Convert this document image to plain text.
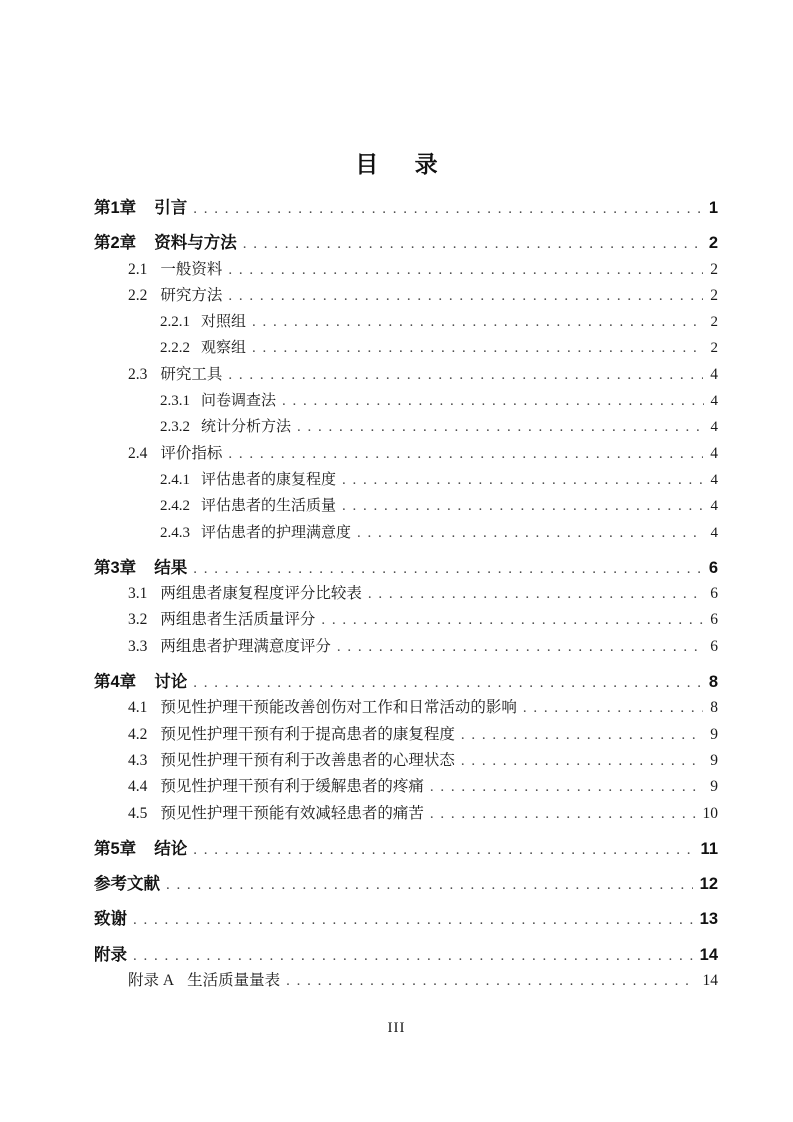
目 录
第1章 引言 . . .	1
第2章 资料与方法 . . .	2
2.1 一般资料 . . .	2
2.2 研究方法 . . .	2
2.2.1 对照组 . . .	2
2.2.2 观察组 . . .	2
2.3 研究工具 . . .	4
2.3.1 问卷调查法 . . .	4
2.3.2 统计分析方法 . . .	4
2.4 评价指标 . . .	4
2.4.1 评估患者的康复程度 . . .	4
2.4.2 评估患者的生活质量 . . .	4
2.4.3 评估患者的护理满意度 . . .	4
第3章 结果 . . .	6
3.1 两组患者康复程度评分比较表 . . .	6
3.2 两组患者生活质量评分 . . .	6
3.3 两组患者护理满意度评分 . . .	6
第4章 讨论 . . .	8
4.1 预见性护理干预能改善创伤对工作和日常活动的影响 . . .	8
4.2 预见性护理干预有利于提高患者的康复程度 . . .	9
4.3 预见性护理干预有利于改善患者的心理状态 . . .	9
4.4 预见性护理干预有利于缓解患者的疼痛 . . .	9
4.5 预见性护理干预能有效减轻患者的痛苦 . . .	10
第5章 结论 . . .	11
参考文献 . . .	12
致谢 . . .	13
附录 . . .	14
附录 A 生活质量量表 . . .	14
III
